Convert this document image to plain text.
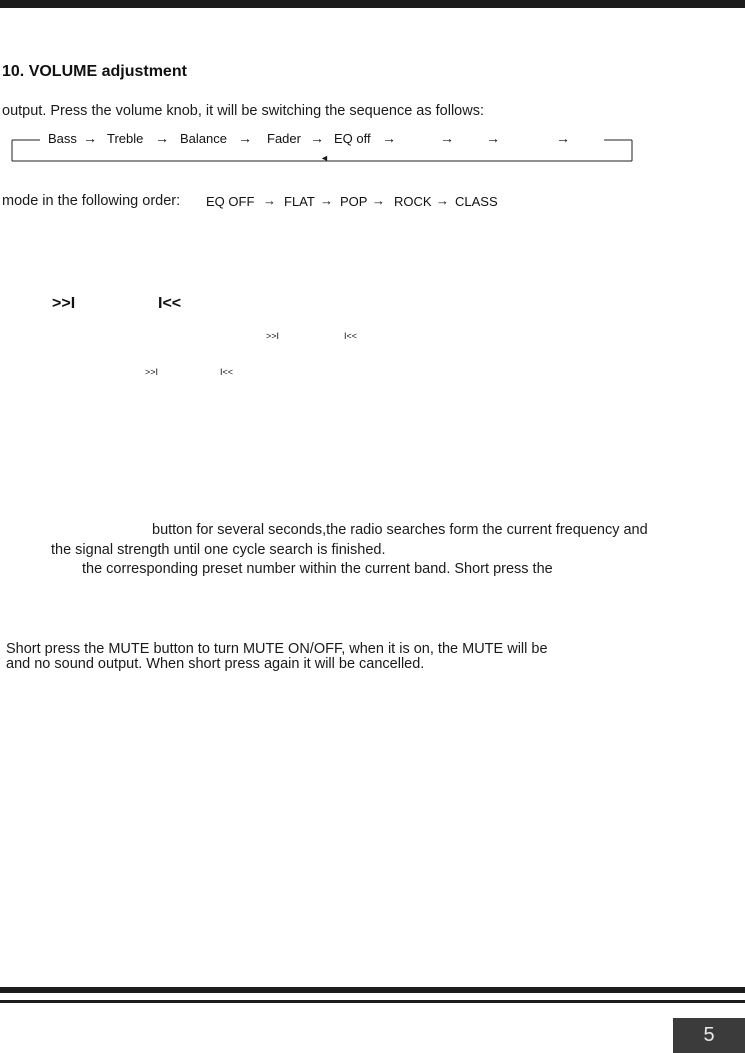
10. VOLUME adjustment
output. Press the volume knob, it will be switching the sequence as follows:
Bass → Treble → Balance → Fader → EQ off →	→ →	→
◄
mode in the following order: EQ OFF → FLAT → POP → ROCK → CLASS
>>I	I<<
>>I	I<<
>>I	I<<
button for several seconds,the radio searches form the current frequency and
the signal strength until one cycle search is finished.
the corresponding preset number within the current band. Short press the
Short press the MUTE button to turn MUTE ON/OFF, when it is on, the MUTE will be
and no sound output. When short press again it will be cancelled.
5
